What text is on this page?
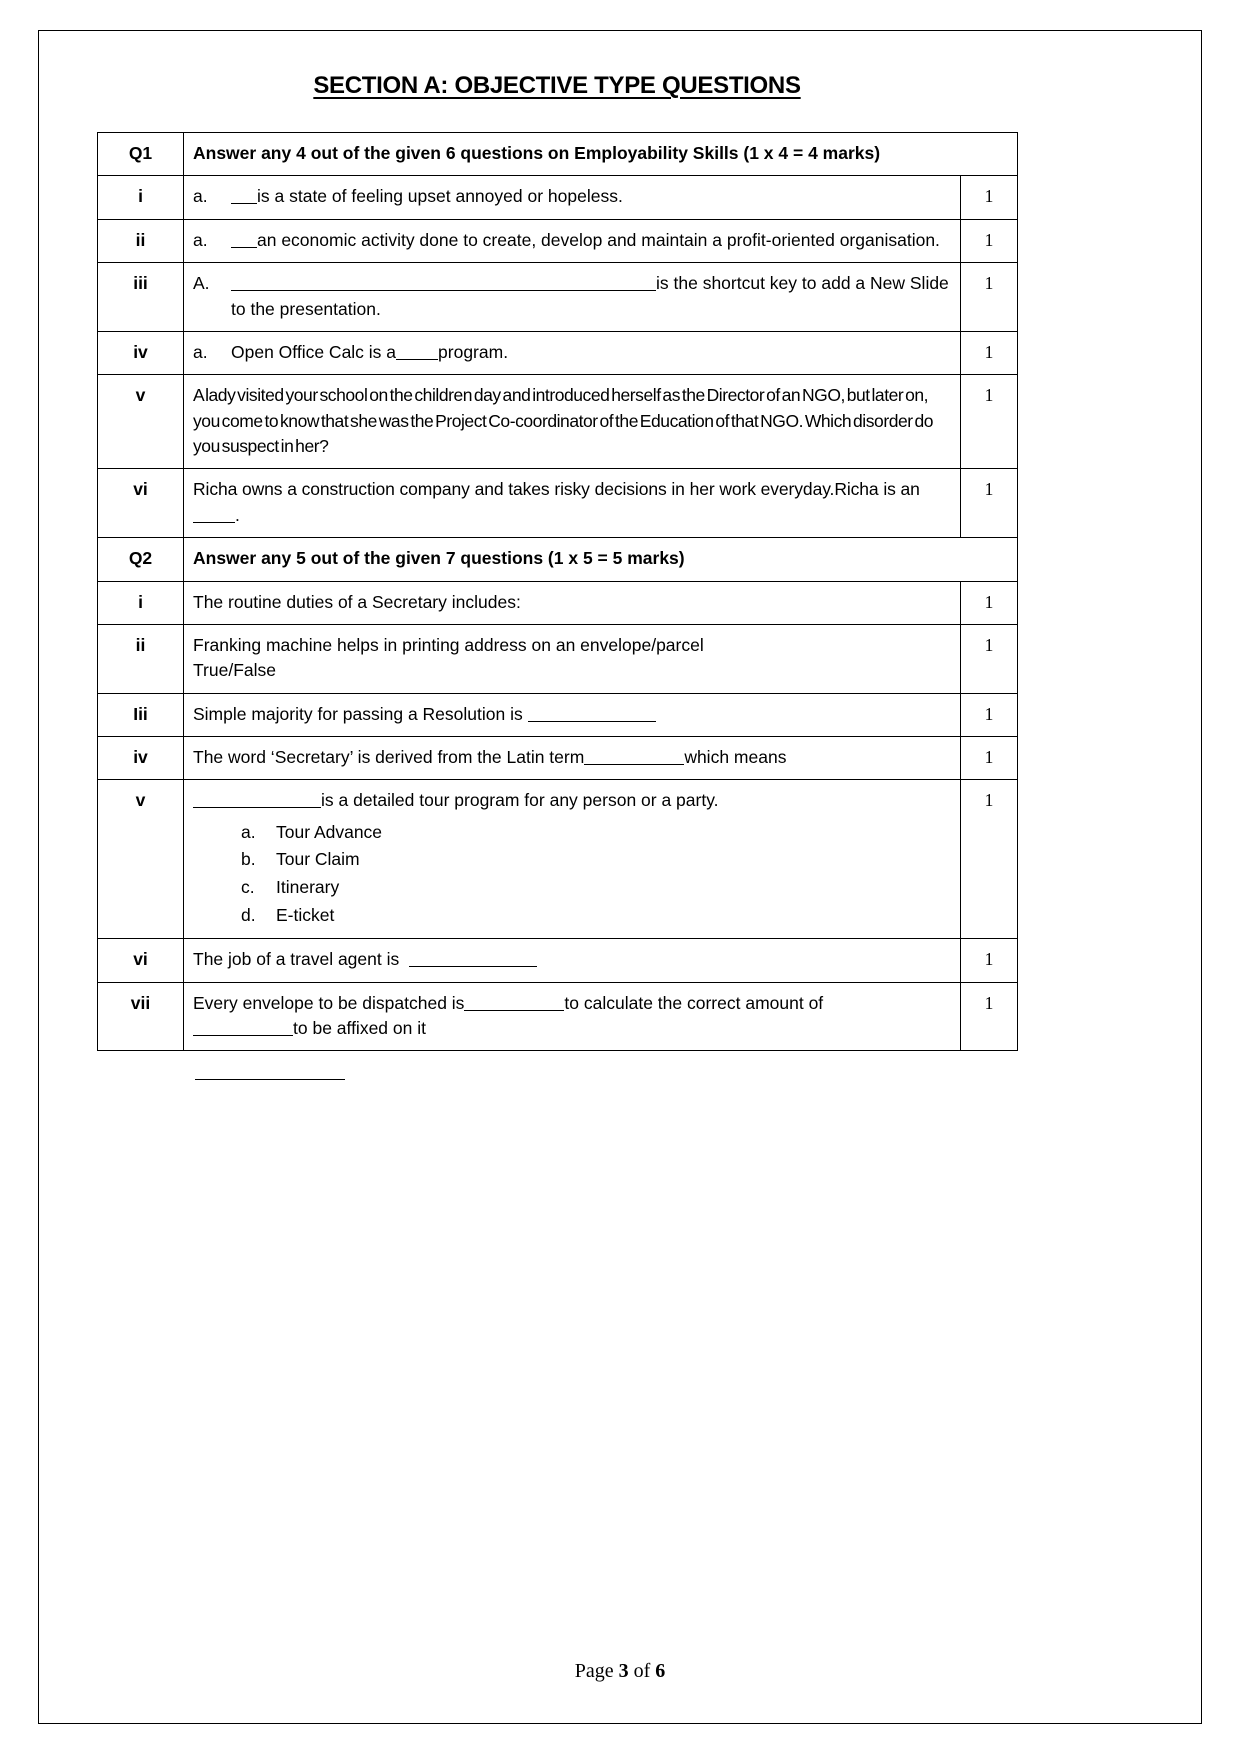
SECTION A: OBJECTIVE TYPE QUESTIONS
Q1	Answer any 4 out of the given 6 questions on Employability Skills (1 x 4 = 4 marks)	
i	a. is a state of feeling upset annoyed or hopeless.	1
ii	a. an economic activity done to create, develop and maintain a profit-oriented organisation.	1
iii	A. is the shortcut key to add a New Slide to the presentation.	1
iv	a. Open Office Calc is a program.	1
v	A lady visited your school on the children day and introduced herself as the Director of an NGO, but later on, you come to know that she was the Project Co-coordinator of the Education of that NGO. Which disorder do you suspect in her?	1
vi	Richa owns a construction company and takes risky decisions in her work everyday.Richa is an.	1
Q2	Answer any 5 out of the given 7 questions (1 x 5 = 5 marks)	
i	The routine duties of a Secretary includes:	1
ii	Franking machine helps in printing address on an envelope/parcel
True/False	1
Iii	Simple majority for passing a Resolution is	1
iv	The word ‘Secretary’ is derived from the Latin term which means	1
v	is a detailed tour program for any person or a party.
a.	Tour Advance
b.	Tour Claim
c.	Itinerary
d.	E-ticket
	1
vi	The job of a travel agent is	1
vii	Every envelope to be dispatched is to calculate the correct amount of
to be affixed on it	1
Page 3 of 6
